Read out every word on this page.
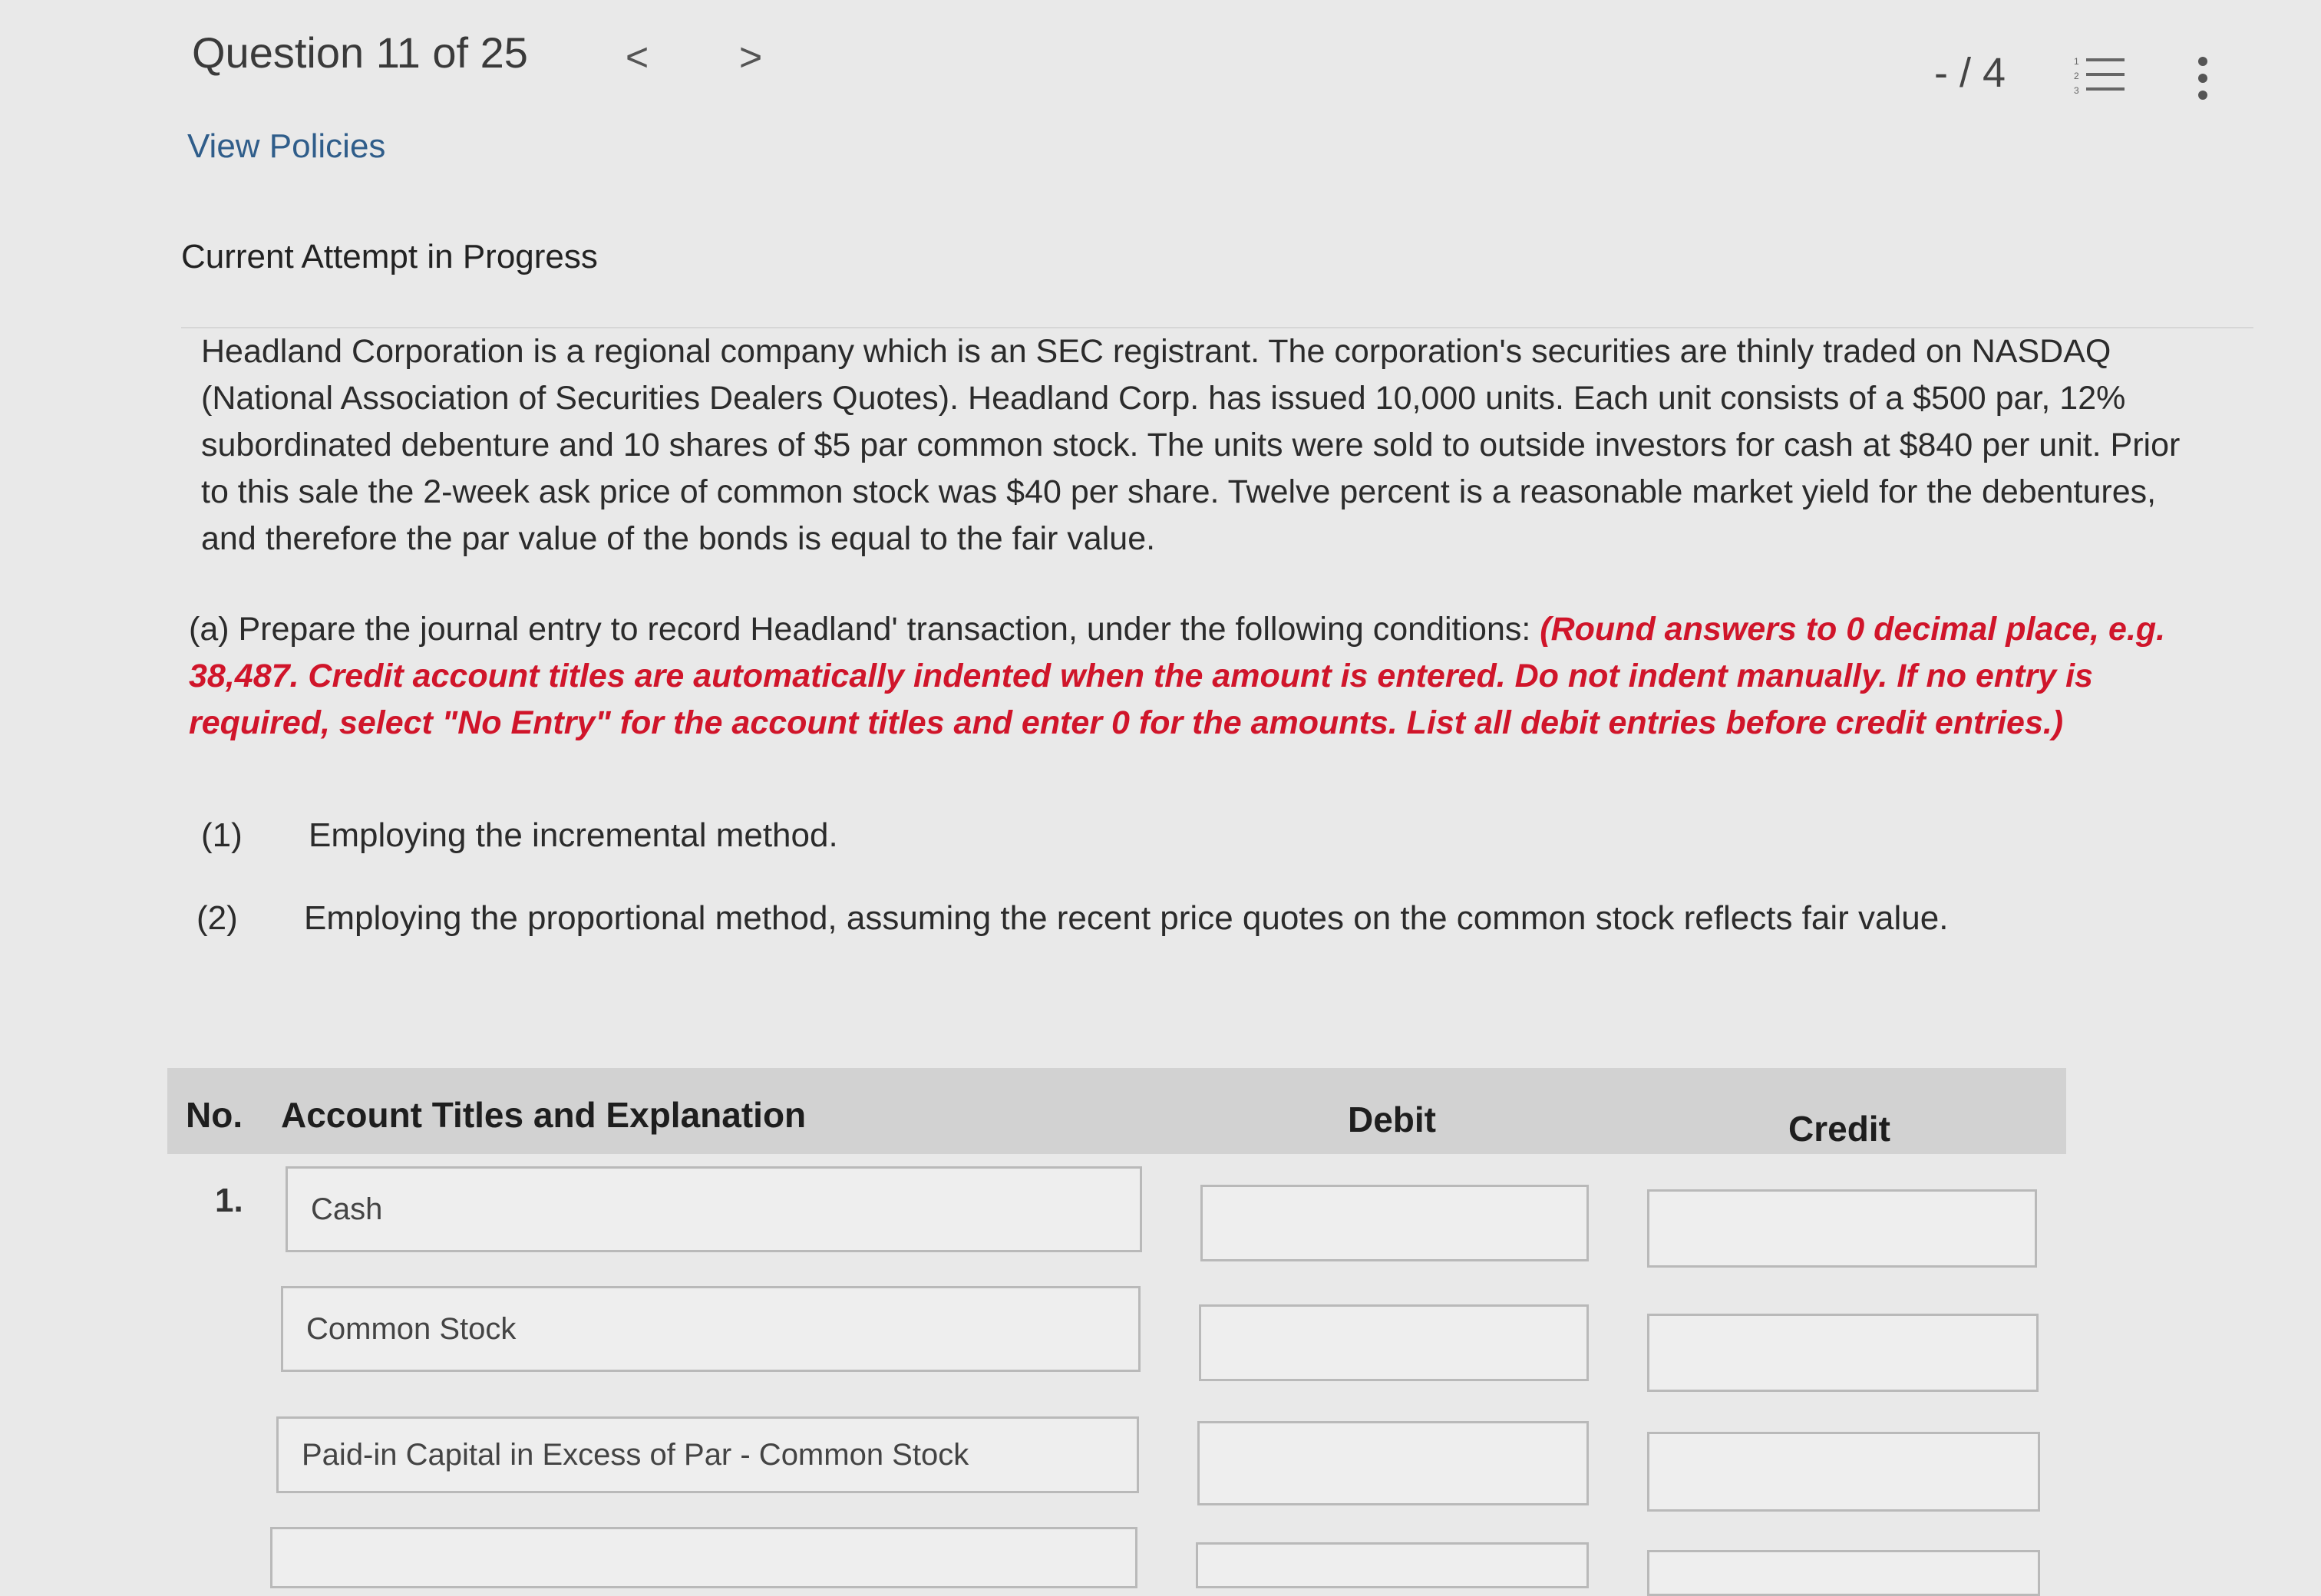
Question 11 of 25 < >	- / 4	1
2
3
View Policies
Current Attempt in Progress
Headland Corporation is a regional company which is an SEC registrant. The corporation's securities are thinly traded on NASDAQ (National Association of Securities Dealers Quotes). Headland Corp. has issued 10,000 units. Each unit consists of a $500 par, 12% subordinated debenture and 10 shares of $5 par common stock. The units were sold to outside investors for cash at $840 per unit. Prior to this sale the 2-week ask price of common stock was $40 per share. Twelve percent is a reasonable market yield for the debentures, and therefore the par value of the bonds is equal to the fair value.
(a) Prepare the journal entry to record Headland' transaction, under the following conditions: (Round answers to 0 decimal place, e.g. 38,487. Credit account titles are automatically indented when the amount is entered. Do not indent manually. If no entry is required, select "No Entry" for the account titles and enter 0 for the amounts. List all debit entries before credit entries.)
(1) Employing the incremental method.
(2) Employing the proportional method, assuming the recent price quotes on the common stock reflects fair value.
No. Account Titles and Explanation	Debit	Credit
1.	Cash
Common Stock
Paid-in Capital in Excess of Par - Common Stock
